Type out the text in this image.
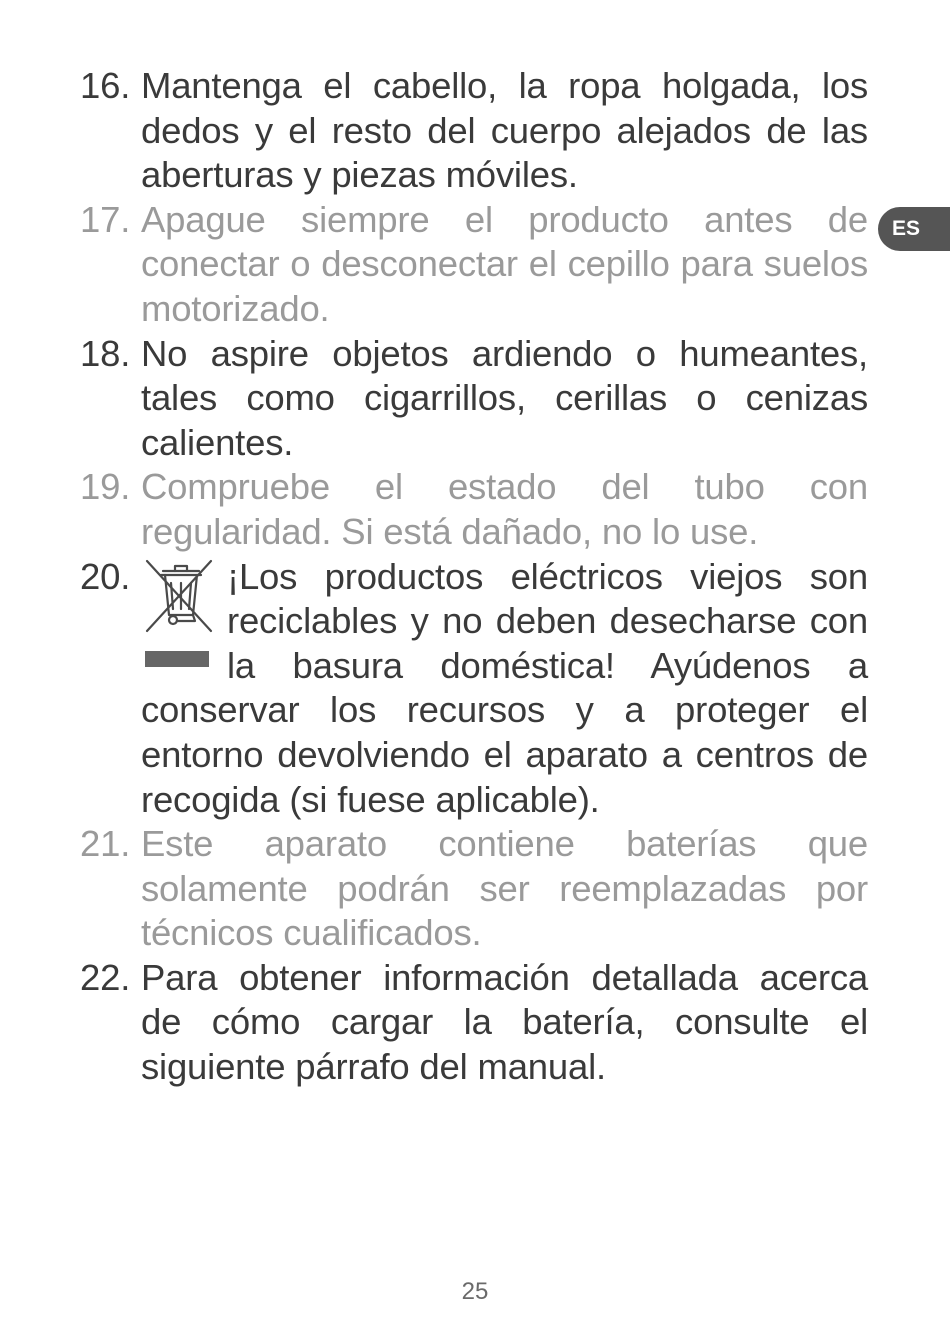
ES
16. Mantenga el cabello, la ropa holgada, los dedos y el resto del cuerpo alejados de las aberturas y piezas móviles.
17. Apague siempre el producto antes de conectar o desconectar el cepillo para suelos motorizado.
18. No aspire objetos ardiendo o humeantes, tales como cigarrillos, cerillas o cenizas calientes.
19. Compruebe el estado del tubo con regularidad. Si está dañado, no lo use.
20.	¡Los productos eléctricos viejos son reciclables y no deben desecharse con la basura doméstica! Ayúdenos a conservar los recursos y a proteger el entorno devolviendo el aparato a centros de recogida (si fuese aplicable).
21. Este aparato contiene baterías que solamente podrán ser reemplazadas por técnicos cualificados.
22. Para obtener información detallada acerca de cómo cargar la batería, consulte el siguiente párrafo del manual.
25
